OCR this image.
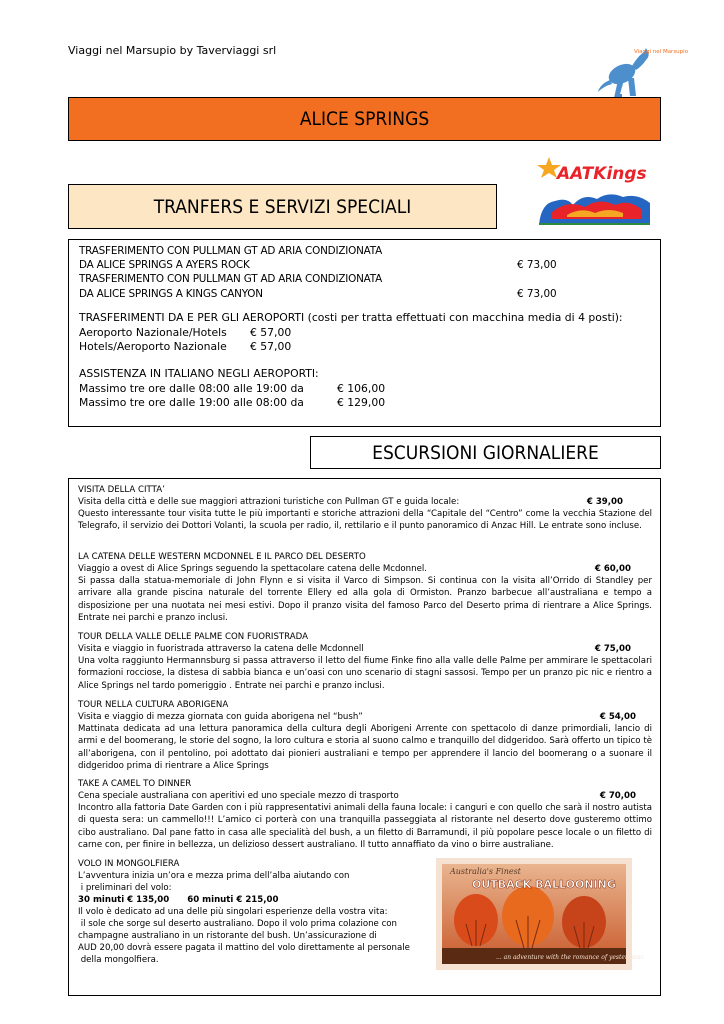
Viaggi nel Marsupio by Taverviaggi srl	Viaggi nel Marsupio
ALICE SPRINGS
TRANFERS E SERVIZI SPECIALI
AATKings
TRASFERIMENTO CON PULLMAN GT AD ARIA CONDIZIONATA
DA ALICE SPRINGS A AYERS ROCK	€ 73,00
TRASFERIMENTO CON PULLMAN GT AD ARIA CONDIZIONATA
DA ALICE SPRINGS A KINGS CANYON	€ 73,00
TRASFERIMENTI DA E PER GLI AEROPORTI (costi per tratta effettuati con macchina media di 4 posti):
Aeroporto Nazionale/Hotels € 57,00
Hotels/Aeroporto Nazionale € 57,00
ASSISTENZA IN ITALIANO NEGLI AEROPORTI:
Massimo tre ore dalle 08:00 alle 19:00 da	€ 106,00
Massimo tre ore dalle 19:00 alle 08:00 da	€ 129,00
ESCURSIONI GIORNALIERE
VISITA DELLA CITTA’
Visita della città e delle sue maggiori attrazioni turistiche con Pullman GT e guida locale:	€ 39,00
Questo interessante tour visita tutte le più importanti e storiche attrazioni della “Capitale del “Centro” come la vecchia Stazione del Telegrafo, il servizio dei Dottori Volanti, la scuola per radio, il, rettilario e il punto panoramico di Anzac Hill. Le entrate sono incluse.
LA CATENA DELLE WESTERN MCDONNEL E IL PARCO DEL DESERTO
Viaggio a ovest di Alice Springs seguendo la spettacolare catena delle Mcdonnel.	€ 60,00
Si passa dalla statua-memoriale di John Flynn e si visita il Varco di Simpson. Si continua con la visita all’Orrido di Standley per arrivare alla grande piscina naturale del torrente Ellery ed alla gola di Ormiston. Pranzo barbecue all’australiana e tempo a disposizione per una nuotata nei mesi estivi. Dopo il pranzo visita del famoso Parco del Deserto prima di rientrare a Alice Springs. Entrate nei parchi e pranzo inclusi.
TOUR DELLA VALLE DELLE PALME CON FUORISTRADA
Visita e viaggio in fuoristrada attraverso la catena delle Mcdonnell	€ 75,00
Una volta raggiunto Hermannsburg si passa attraverso il letto del fiume Finke fino alla valle delle Palme per ammirare le spettacolari formazioni rocciose, la distesa di sabbia bianca e un’oasi con uno scenario di stagni sassosi. Tempo per un pranzo pic nic e rientro a Alice Springs nel tardo pomeriggio . Entrate nei parchi e pranzo inclusi.
TOUR NELLA CULTURA ABORIGENA
Visita e viaggio di mezza giornata con guida aborigena nel “bush”	€ 54,00
Mattinata dedicata ad una lettura panoramica della cultura degli Aborigeni Arrente con spettacolo di danze primordiali, lancio di armi e del boomerang, le storie del sogno, la loro cultura e storia al suono calmo e tranquillo del didgeridoo. Sarà offerto un tipico tè all’aborigena, con il pentolino, poi adottato dai pionieri australiani e tempo per apprendere il lancio del boomerang o a suonare il didgeridoo prima di rientrare a Alice Springs
TAKE A CAMEL TO DINNER
Cena speciale australiana con aperitivi ed uno speciale mezzo di trasporto	€ 70,00
Incontro alla fattoria Date Garden con i più rappresentativi animali della fauna locale: i canguri e con quello che sarà il nostro autista di questa sera: un cammello!!! L’amico ci porterà con una tranquilla passeggiata al ristorante nel deserto dove gusteremo ottimo cibo australiano. Dal pane fatto in casa alle specialità del bush, a un filetto di Barramundi, il più popolare pesce locale o un filetto di carne con, per finire in bellezza, un delizioso dessert australiano. Il tutto annaffiato da vino o birre australiane.
VOLO IN MONGOLFIERA
L’avventura inizia un’ora e mezza prima dell’alba aiutando con
i preliminari del volo:
30 minuti € 135,00      60 minuti € 215,00
Il volo è dedicato ad una delle più singolari esperienze della vostra vita:
il sole che sorge sul deserto australiano. Dopo il volo prima colazione con
champagne australiano in un ristorante del bush. Un’assicurazione di
AUD 20,00 dovrà essere pagata il mattino del volo direttamente al personale
della mongolfiera.
Australia's Finest
OUTBACK BALLOONING
... an adventure with the romance of yester-year.
